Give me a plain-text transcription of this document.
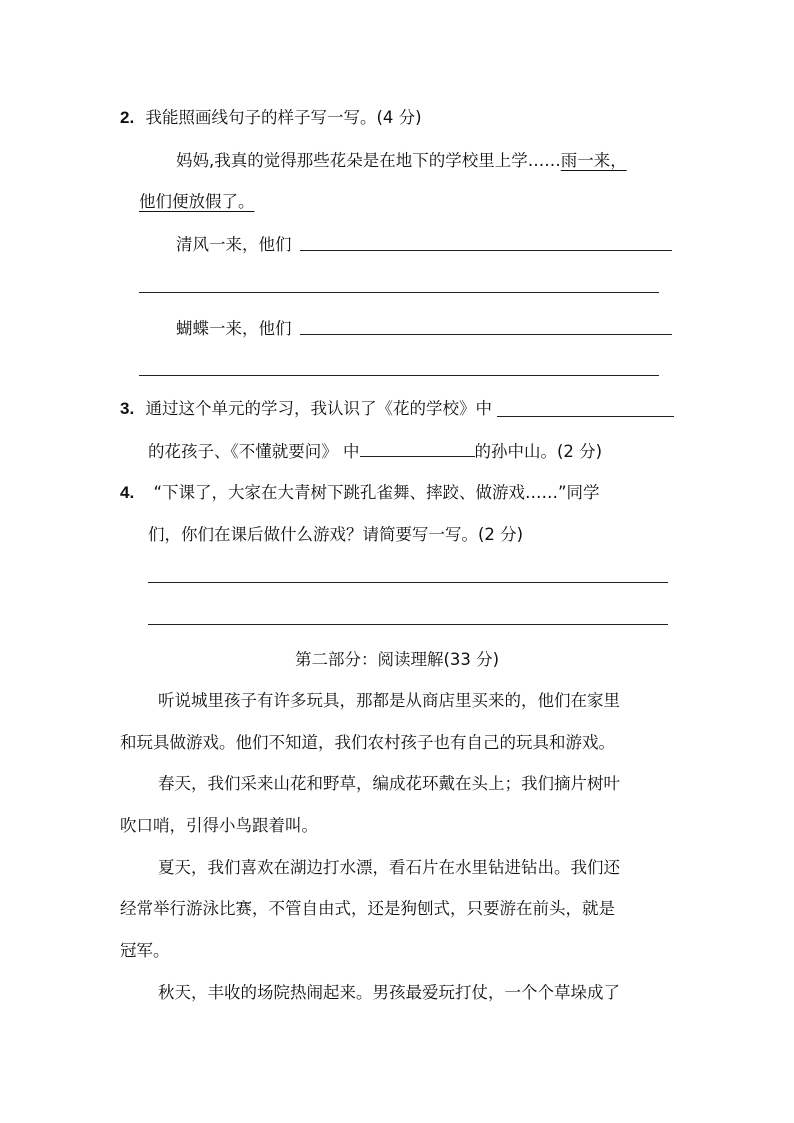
2. 我能照画线句子的样子写一写。(4 分)
妈妈,我真的觉得那些花朵是在地下的学校里上学……雨一来，
他们便放假了。
清风一来，他们
蝴蝶一来，他们
3. 通过这个单元的学习，我认识了《花的学校》中
的花孩子、《不懂就要问》 中	的孙中山。(2 分)
4. “下课了，大家在大青树下跳孔雀舞、摔跤、做游戏……”同学
们，你们在课后做什么游戏？请简要写一写。(2 分)
第二部分：阅读理解(33 分)
听说城里孩子有许多玩具，那都是从商店里买来的，他们在家里
和玩具做游戏。他们不知道，我们农村孩子也有自己的玩具和游戏。
春天，我们采来山花和野草，编成花环戴在头上；我们摘片树叶
吹口哨，引得小鸟跟着叫。
夏天，我们喜欢在湖边打水漂，看石片在水里钻进钻出。我们还
经常举行游泳比赛，不管自由式，还是狗刨式，只要游在前头，就是
冠军。
秋天，丰收的场院热闹起来。男孩最爱玩打仗，一个个草垛成了
